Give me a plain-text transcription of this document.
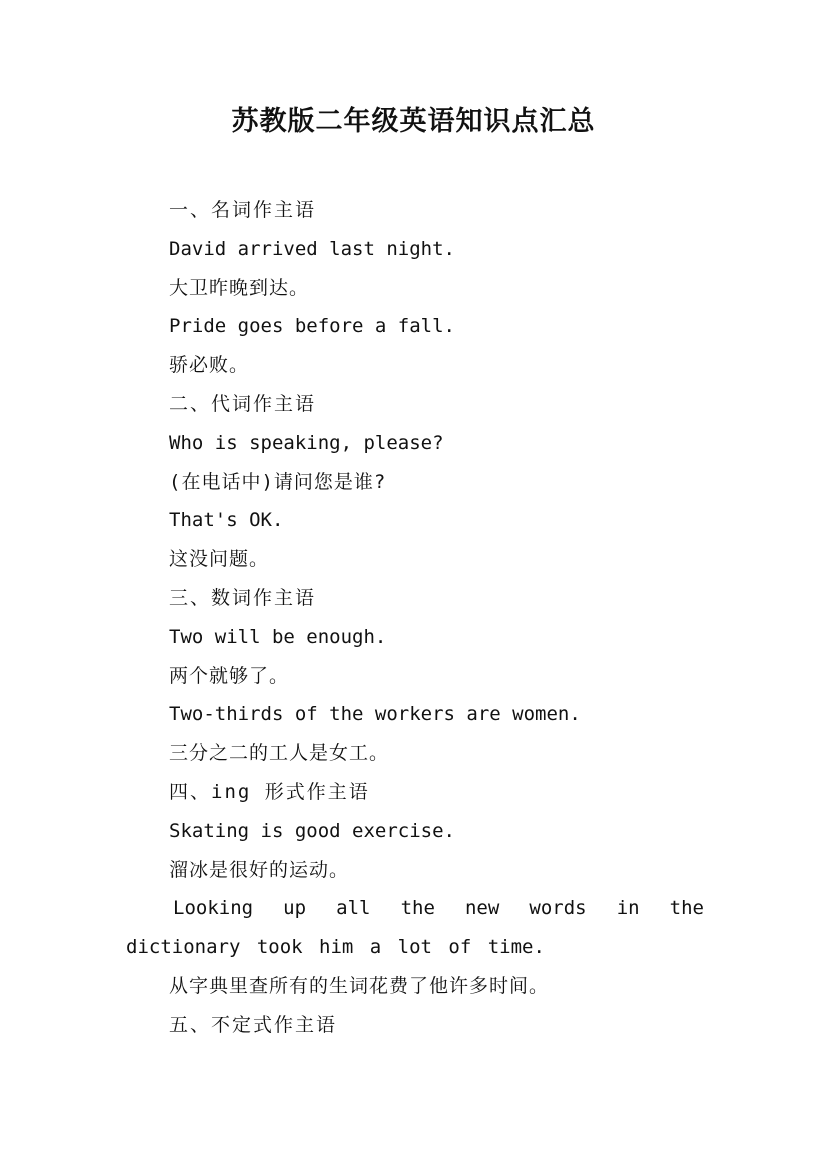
苏教版二年级英语知识点汇总
一、名词作主语
David arrived last night.
大卫昨晚到达。
Pride goes before a fall.
骄必败。
二、代词作主语
Who is speaking, please?
(在电话中)请问您是谁?
That's OK.
这没问题。
三、数词作主语
Two will be enough.
两个就够了。
Two-thirds of the workers are women.
三分之二的工人是女工。
四、ing 形式作主语
Skating is good exercise.
溜冰是很好的运动。
Looking up all the new words in the dictionary took him a lot of time.
从字典里查所有的生词花费了他许多时间。
五、不定式作主语
